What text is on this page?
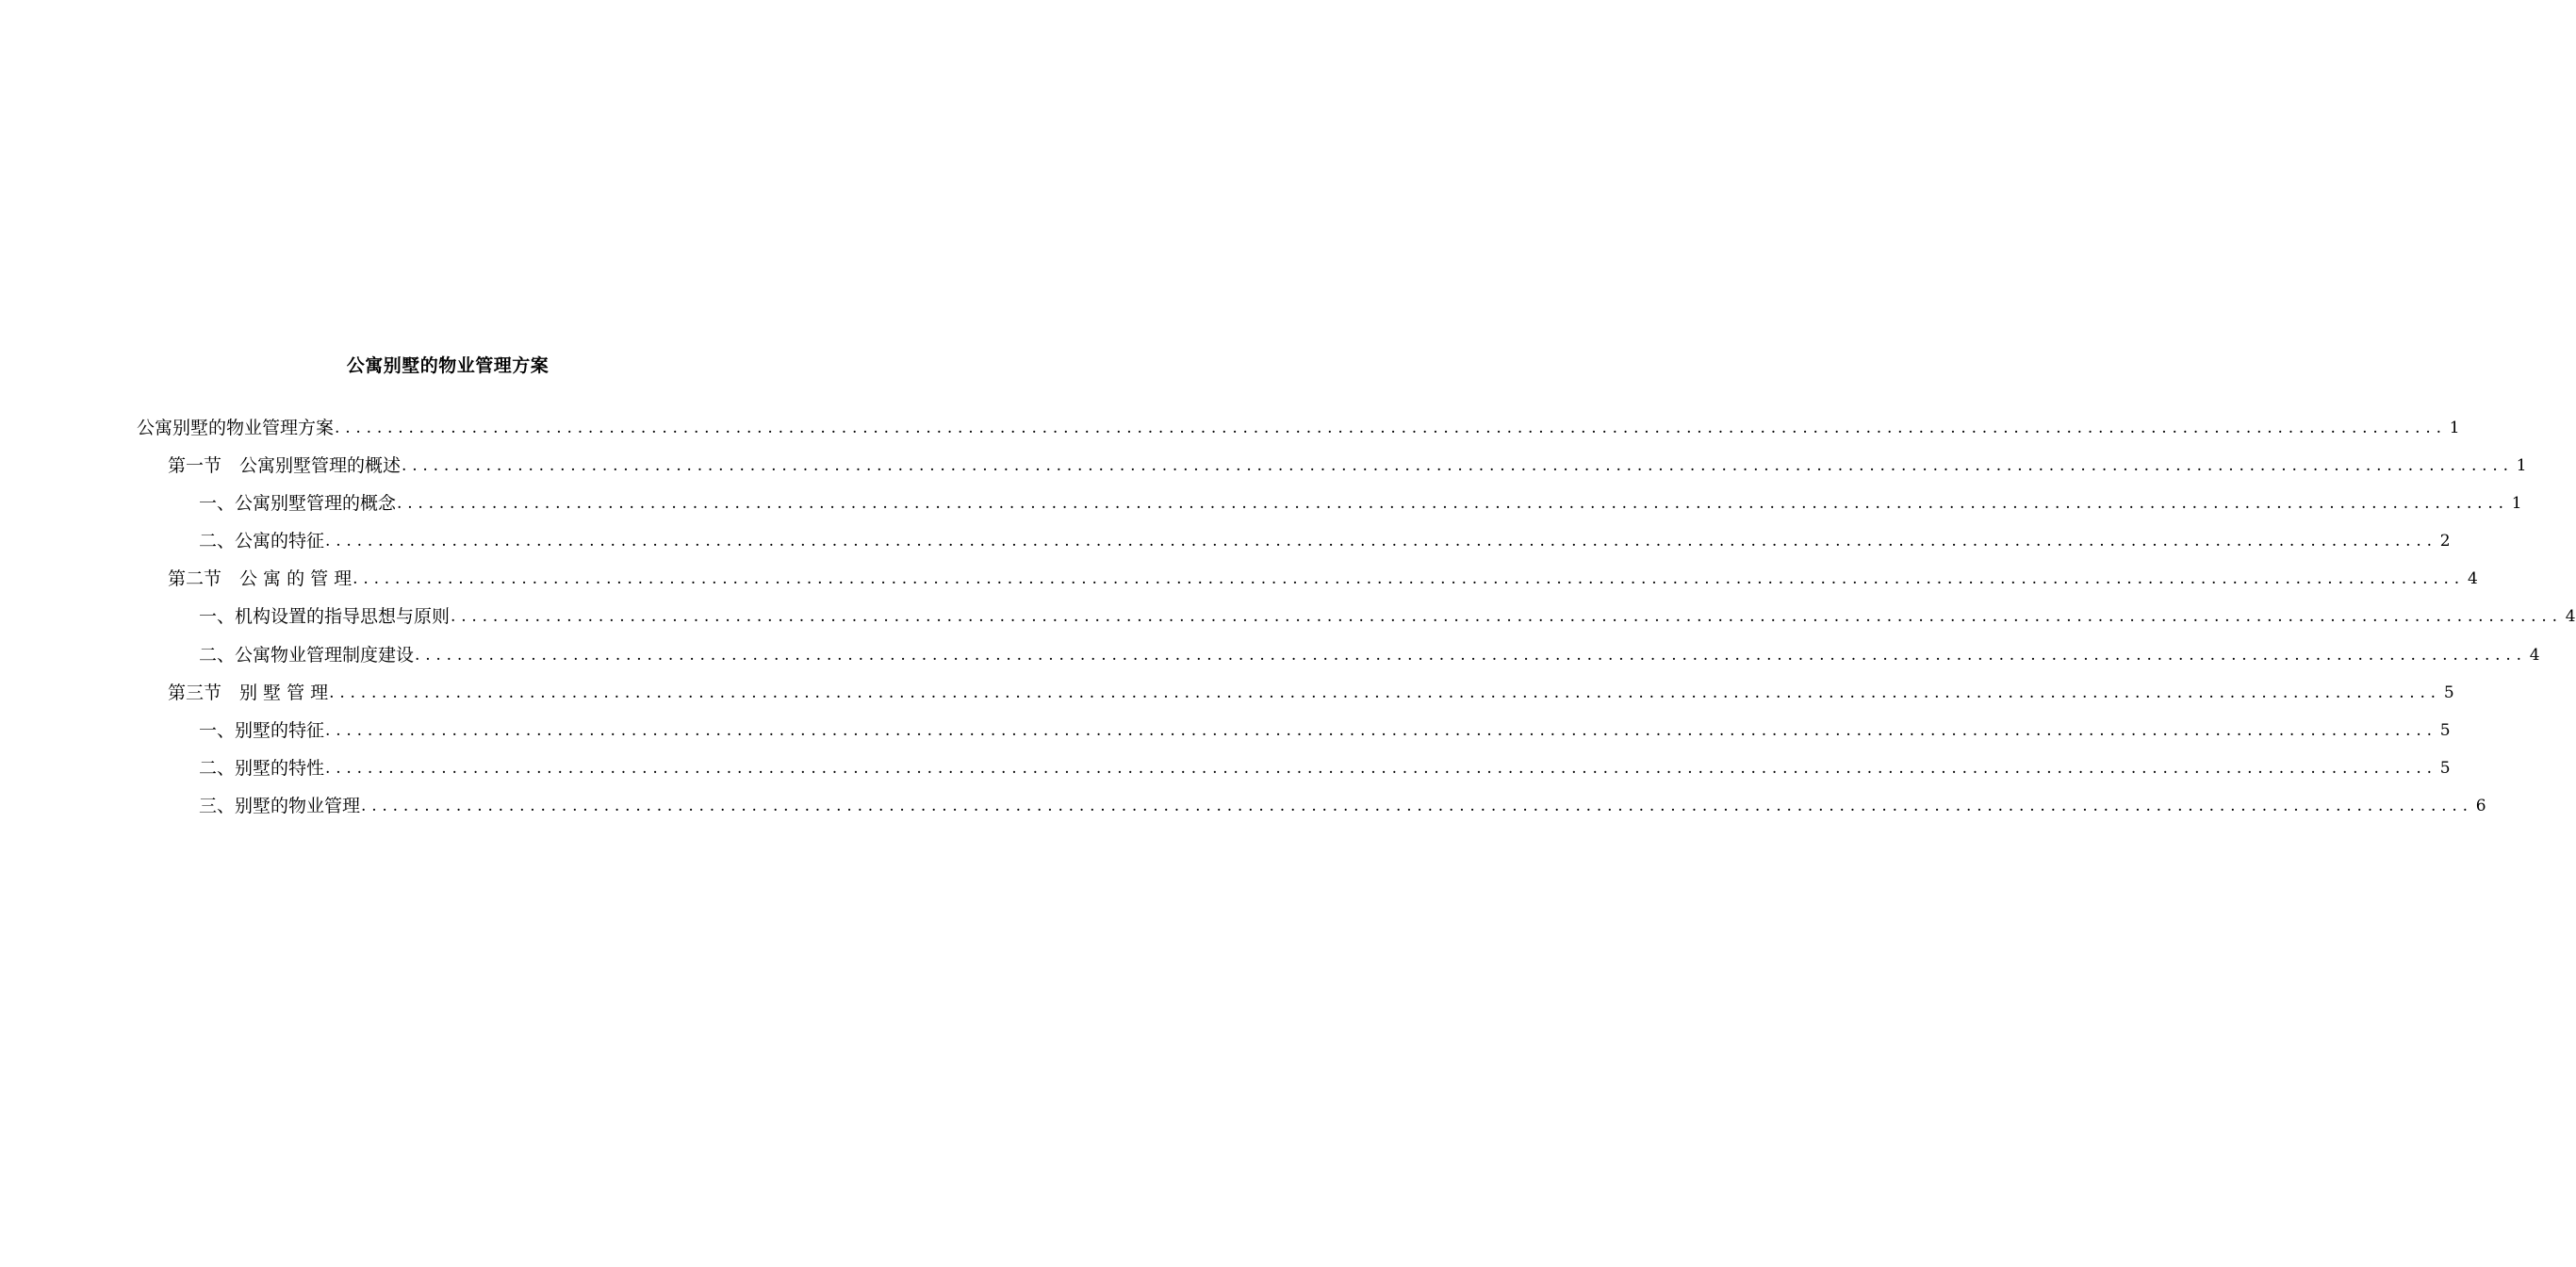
公寓别墅的物业管理方案
公寓别墅的物业管理方案 ........................................................................................................................................................................................................ 1
第一节　公寓别墅管理的概述 ........................................................................................................................................................................................................ 1
一、公寓别墅管理的概念 ........................................................................................................................................................................................................ 1
二、公寓的特征 ........................................................................................................................................................................................................ 2
第二节　公 寓 的 管 理 ........................................................................................................................................................................................................ 4
一、机构设置的指导思想与原则 ........................................................................................................................................................................................................ 4
二、公寓物业管理制度建设 ........................................................................................................................................................................................................ 4
第三节　别 墅 管 理 ........................................................................................................................................................................................................ 5
一、别墅的特征 ........................................................................................................................................................................................................ 5
二、别墅的特性 ........................................................................................................................................................................................................ 5
三、别墅的物业管理 ........................................................................................................................................................................................................ 6
